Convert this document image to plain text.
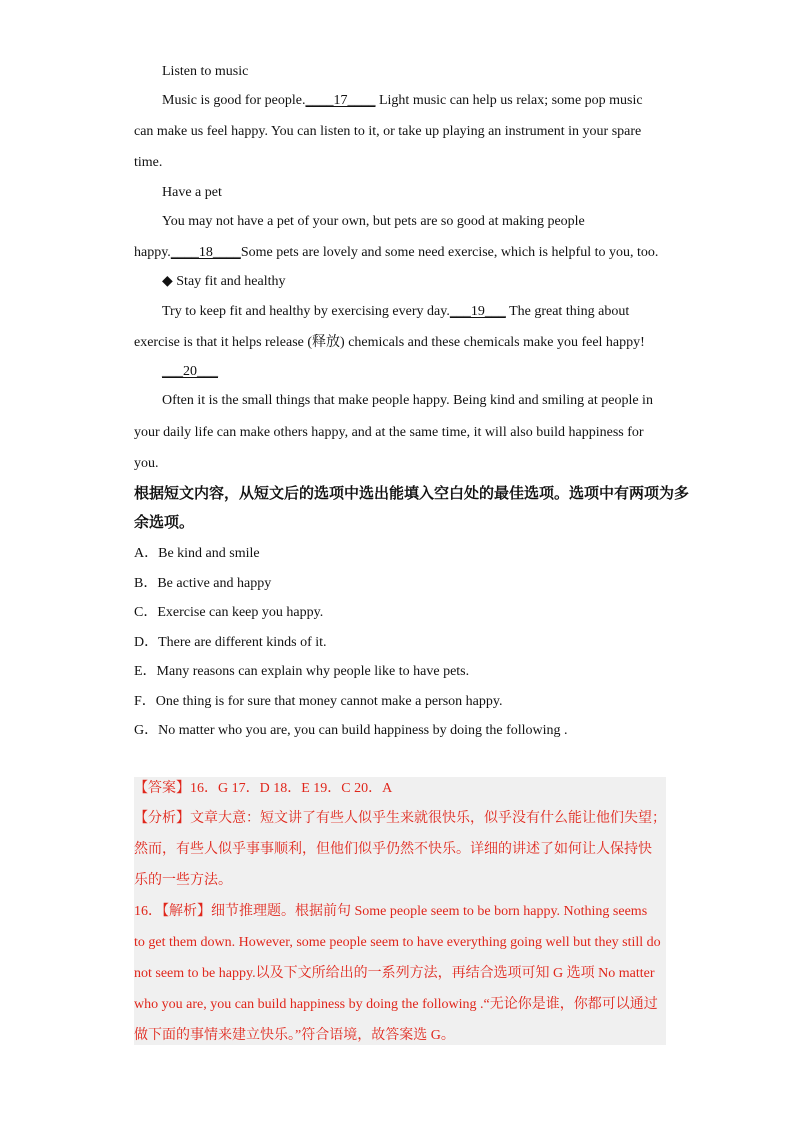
Listen to music
Music is good for people.____17____ Light music can help us relax; some pop music
can make us feel happy. You can listen to it, or take up playing an instrument in your spare
time.
Have a pet
You may not have a pet of your own, but pets are so good at making people
happy.____18____Some pets are lovely and some need exercise, which is helpful to you, too.
◆ Stay fit and healthy
Try to keep fit and healthy by exercising every day.___19___ The great thing about
exercise is that it helps release (释放) chemicals and these chemicals make you feel happy!
___20___
Often it is the small things that make people happy. Being kind and smiling at people in
your daily life can make others happy, and at the same time, it will also build happiness for
you.
根据短文内容，从短文后的选项中选出能填入空白处的最佳选项。选项中有两项为多
余选项。
A．Be kind and smile
B．Be active and happy
C．Exercise can keep you happy.
D．There are different kinds of it.
E．Many reasons can explain why people like to have pets.
F．One thing is for sure that money cannot make a person happy.
G．No matter who you are, you can build happiness by doing the following .
【答案】16．G 17．D 18．E 19．C 20．A
【分析】文章大意：短文讲了有些人似乎生来就很快乐，似乎没有什么能让他们失望；
然而，有些人似乎事事顺利，但他们似乎仍然不快乐。详细的讲述了如何让人保持快
乐的一些方法。
16．【解析】细节推理题。根据前句 Some people seem to be born happy. Nothing seems
to get them down. However, some people seem to have everything going well but they still do
not seem to be happy.以及下文所给出的一系列方法，再结合选项可知 G 选项 No matter
who you are, you can build happiness by doing the following .“无论你是谁，你都可以通过
做下面的事情来建立快乐。”符合语境，故答案选 G。
